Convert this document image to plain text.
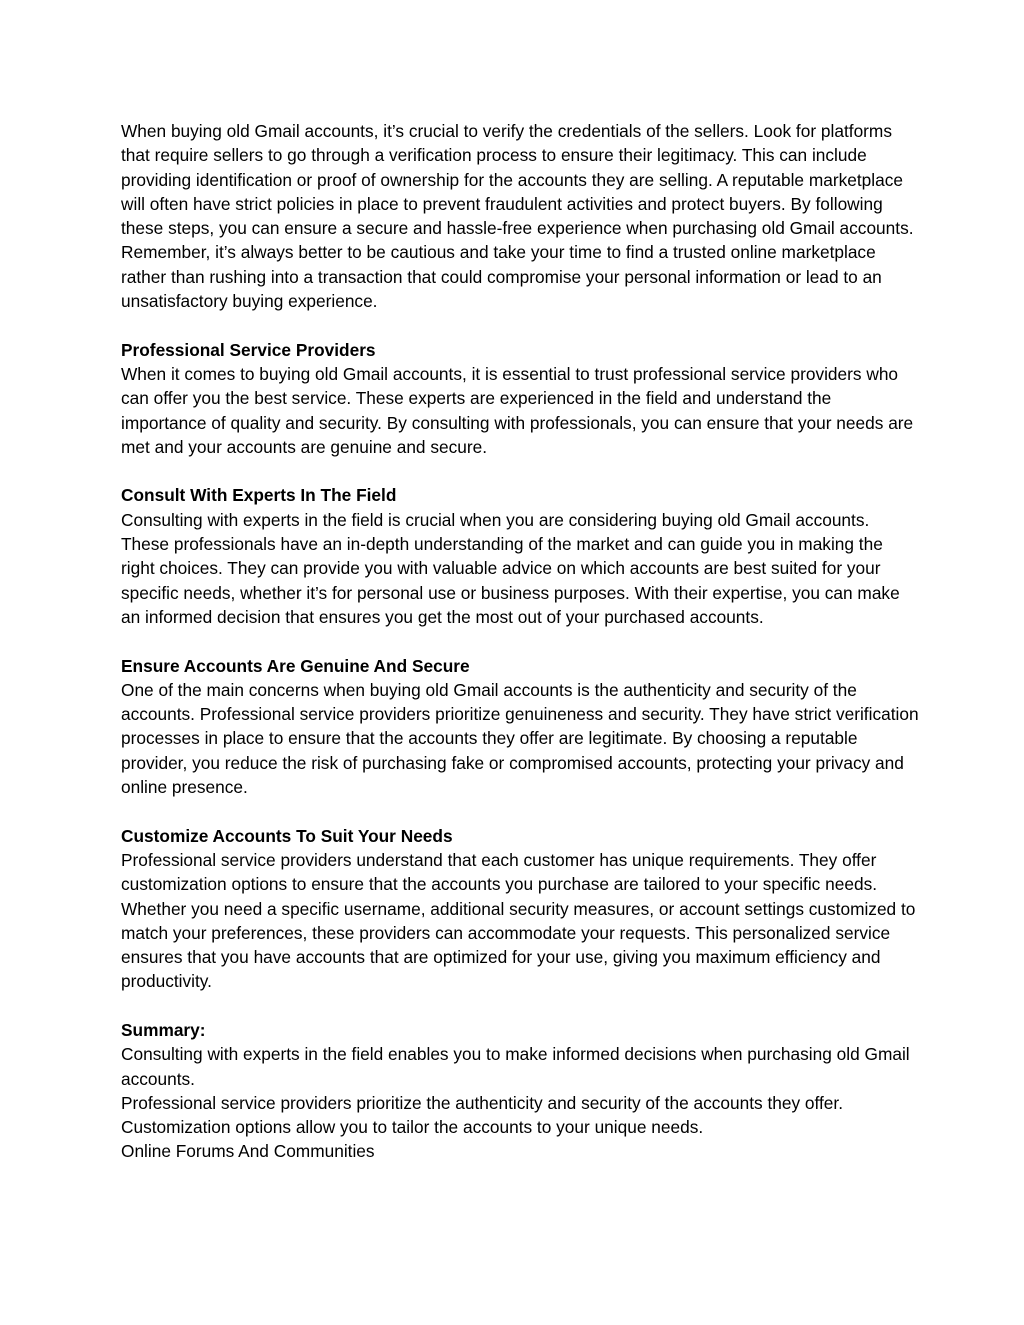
When buying old Gmail accounts, it’s crucial to verify the credentials of the sellers. Look for platforms that require sellers to go through a verification process to ensure their legitimacy. This can include providing identification or proof of ownership for the accounts they are selling. A reputable marketplace will often have strict policies in place to prevent fraudulent activities and protect buyers. By following these steps, you can ensure a secure and hassle-free experience when purchasing old Gmail accounts. Remember, it’s always better to be cautious and take your time to find a trusted online marketplace rather than rushing into a transaction that could compromise your personal information or lead to an unsatisfactory buying experience.

Professional Service Providers

When it comes to buying old Gmail accounts, it is essential to trust professional service providers who can offer you the best service. These experts are experienced in the field and understand the importance of quality and security. By consulting with professionals, you can ensure that your needs are met and your accounts are genuine and secure.

Consult With Experts In The Field

Consulting with experts in the field is crucial when you are considering buying old Gmail accounts. These professionals have an in-depth understanding of the market and can guide you in making the right choices. They can provide you with valuable advice on which accounts are best suited for your specific needs, whether it’s for personal use or business purposes. With their expertise, you can make an informed decision that ensures you get the most out of your purchased accounts.

Ensure Accounts Are Genuine And Secure

One of the main concerns when buying old Gmail accounts is the authenticity and security of the accounts. Professional service providers prioritize genuineness and security. They have strict verification processes in place to ensure that the accounts they offer are legitimate. By choosing a reputable provider, you reduce the risk of purchasing fake or compromised accounts, protecting your privacy and online presence.

Customize Accounts To Suit Your Needs

Professional service providers understand that each customer has unique requirements. They offer customization options to ensure that the accounts you purchase are tailored to your specific needs. Whether you need a specific username, additional security measures, or account settings customized to match your preferences, these providers can accommodate your requests. This personalized service ensures that you have accounts that are optimized for your use, giving you maximum efficiency and productivity.

Summary:

Consulting with experts in the field enables you to make informed decisions when purchasing old Gmail accounts.

Professional service providers prioritize the authenticity and security of the accounts they offer.

Customization options allow you to tailor the accounts to your unique needs.

Online Forums And Communities
